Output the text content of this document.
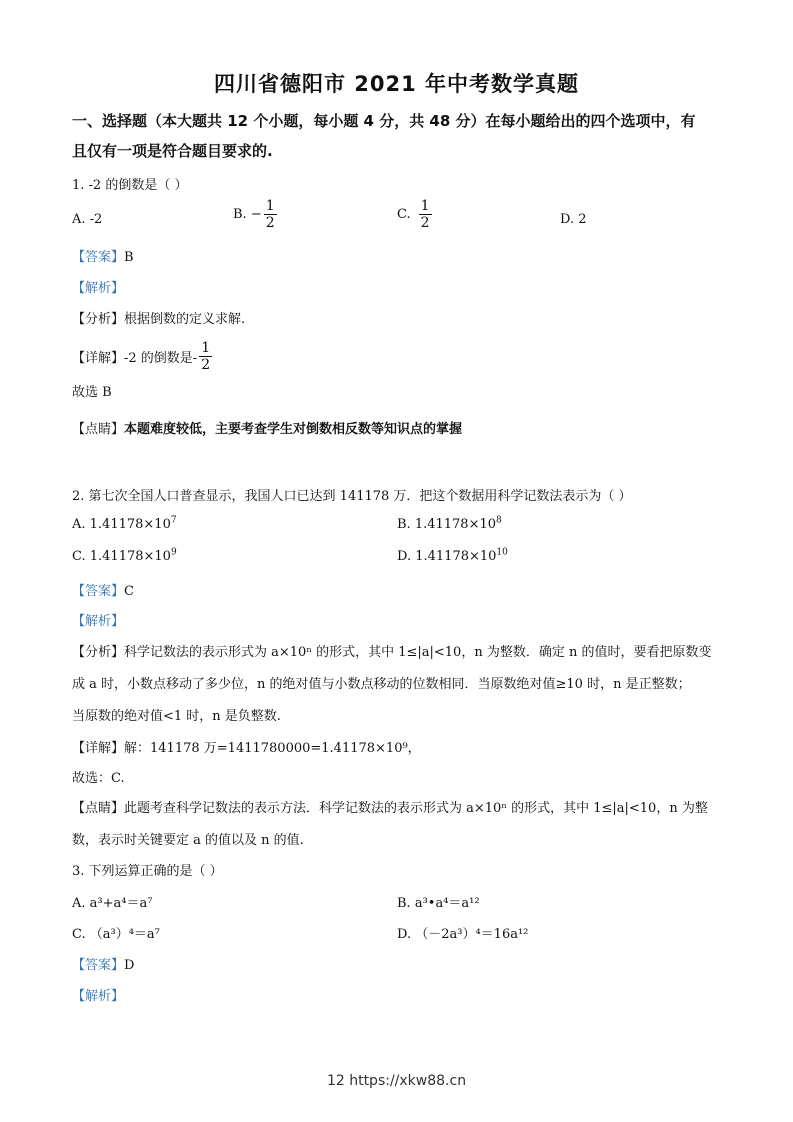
四川省德阳市 2021 年中考数学真题
一、选择题（本大题共 12 个小题，每小题 4 分，共 48 分）在每小题给出的四个选项中，有
且仅有一项是符合题目要求的.
1. -2 的倒数是（ ）
A. -2	B. − $\frac{1}{2}$	C. $\frac{1}{2}$	D. 2
【答案】B
【解析】
【分析】根据倒数的定义求解.
【详解】 -2 的倒数是- $\frac{1}{2}$
故选 B
【点睛】本题难度较低，主要考查学生对倒数相反数等知识点的掌握
2. 第七次全国人口普查显示，我国人口已达到 141178 万．把这个数据用科学记数法表示为（ ）
A. $1.41178\times 10^7$	B. $1.41178\times 10^8$
C. $1.41178\times 10^9$	D. $1.41178\times 10^{10}$
【答案】C
【解析】
【分析】科学记数法的表示形式为 a×10ⁿ 的形式，其中 1≤|a|<10，n 为整数．确定 n 的值时，要看把原数变
成 a 时，小数点移动了多少位，n 的绝对值与小数点移动的位数相同．当原数绝对值≥10 时，n 是正整数；
当原数的绝对值<1 时，n 是负整数.
【详解】解：141178 万=1411780000=1.41178×10⁹，
故选：C.
【点睛】此题考查科学记数法的表示方法．科学记数法的表示形式为 a×10ⁿ 的形式，其中 1≤|a|<10，n 为整
数，表示时关键要定 a 的值以及 n 的值.
3. 下列运算正确的是（ ）
A. a³+a⁴＝a⁷	B. a³•a⁴＝a¹²
C. （a³）⁴＝a⁷	D. （－2a³）⁴＝16a¹²
【答案】D
【解析】
12 https://xkw88.cn
